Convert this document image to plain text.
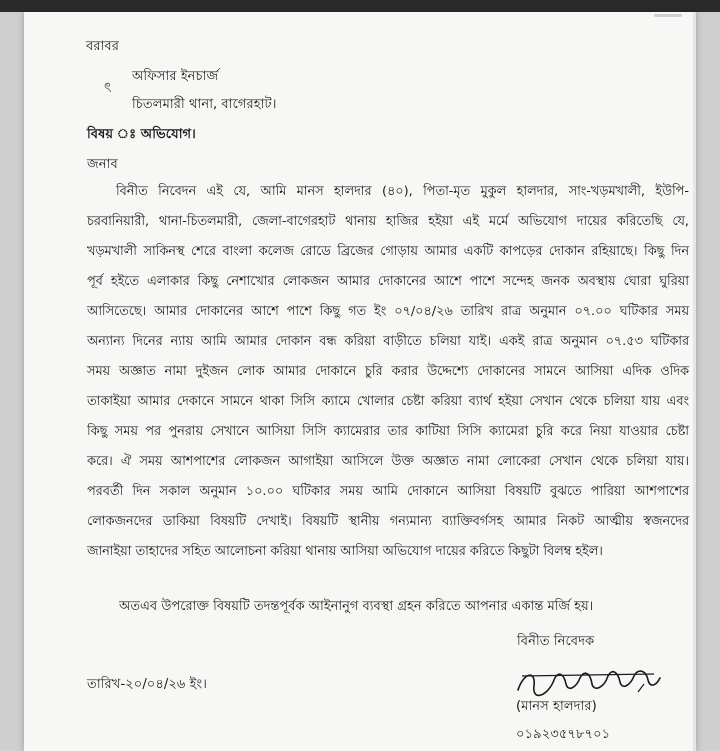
বরাবর
ৎ
অফিসার ইনচার্জ
চিতলমারী থানা, বাগেরহাট।
বিষয় ঃ অভিযোগ।
জনাব
বিনীত নিবেদন এই যে, আমি মানস হালদার (৪০), পিতা-মৃত মুকুল হালদার, সাং-খড়মখালী, ইউপি-
চরবানিয়ারী, থানা-চিতলমারী, জেলা-বাগেরহাট থানায় হাজির হইয়া এই মর্মে অভিযোগ দায়ের করিতেছি যে,
খড়মখালী সাকিনস্থ শেরে বাংলা কলেজ রোডে ব্রিজের গোড়ায় আমার একটি কাপড়ের দোকান রহিয়াছে। কিছু দিন
পূর্ব হইতে এলাকার কিছু নেশাখোর লোকজন আমার দোকানের আশে পাশে সন্দেহ জনক অবস্থায় ঘোরা ঘুরিয়া
আসিতেছে। আমার দোকানের আশে পাশে কিছু গত ইং ০৭/০৪/২৬ তারিখ রাত্র অনুমান ০৭.০০ ঘটিকার সময়
অন্যান্য দিনের ন্যায় আমি আমার দোকান বন্ধ করিয়া বাড়ীতে চলিয়া যাই। একই রাত্র অনুমান ০৭.৫৩ ঘটিকার
সময় অজ্ঞাত নামা দুইজন লোক আমার দোকানে চুরি করার উদ্দেশ্যে দোকানের সামনে আসিয়া এদিক ওদিক
তাকাইয়া আমার দেকানে সামনে থাকা সিসি ক্যামে খোলার চেষ্টা করিয়া ব্যার্থ হইয়া সেখান থেকে চলিয়া যায় এবং
কিছু সময় পর পুনরায় সেখানে আসিয়া সিসি ক্যামেরার তার কাটিয়া সিসি ক্যামেরা চুরি করে নিয়া যাওয়ার চেষ্টা
করে। ঐ সময় আশপাশের লোকজন আগাইয়া আসিলে উক্ত অজ্ঞাত নামা লোকেরা সেখান থেকে চলিয়া যায়।
পরবর্তী দিন সকাল অনুমান ১০.০০ ঘটিকার সময় আমি দোকানে আসিয়া বিষয়টি বুঝতে পারিয়া আশপাশের
লোকজনদের ডাকিয়া বিষয়টি দেখাই। বিষয়টি স্থানীয় গন্যমান্য ব্যাক্তিবর্গসহ আমার নিকট আত্মীয় স্বজনদের
জানাইয়া তাহাদের সহিত আলোচনা করিয়া থানায় আসিয়া অভিযোগ দায়ের করিতে কিছুটা বিলম্ব হইল।
অতএব উপরোক্ত বিষয়টি তদন্তপূর্বক আইনানুগ ব্যবস্থা গ্রহন করিতে আপনার একান্ত মর্জি হয়।
বিনীত নিবেদক
তারিখ-২০/০৪/২৬ ইং।
(মানস হালদার)
০১৯২৩৫৭৮৭০১
